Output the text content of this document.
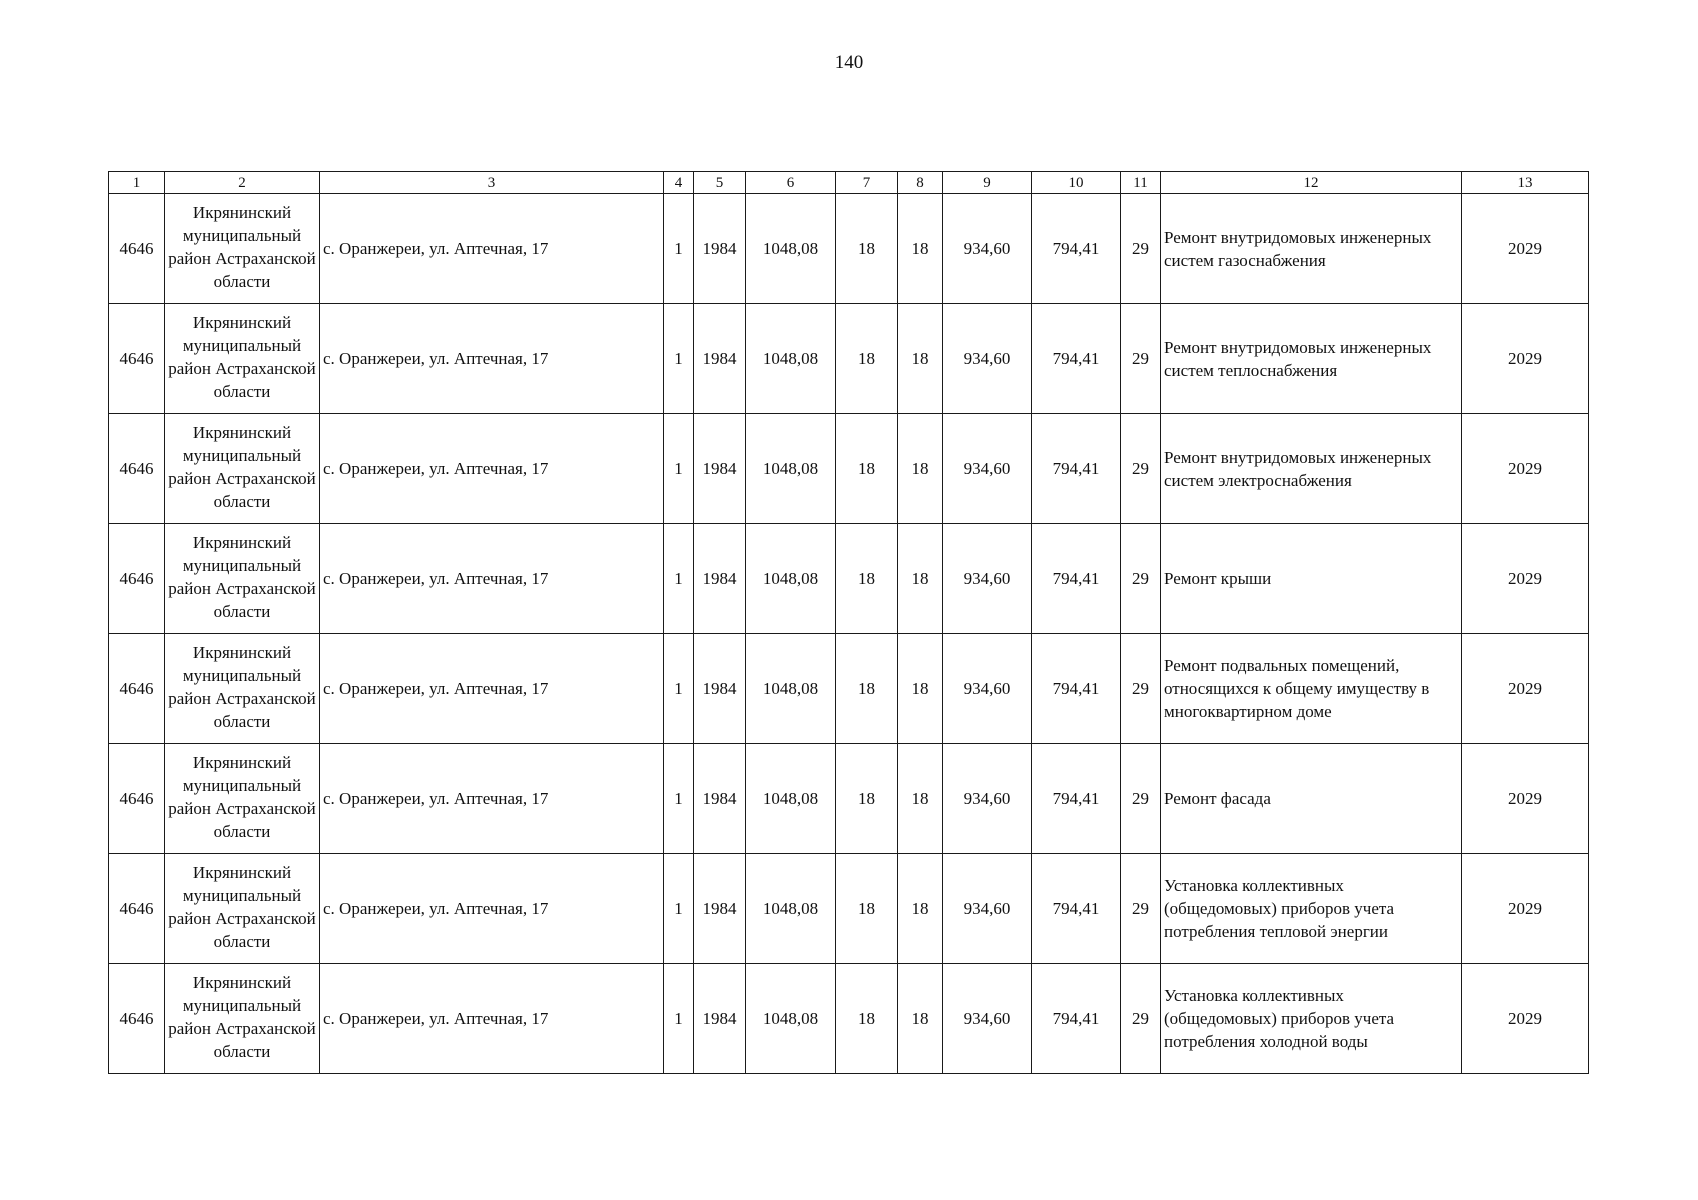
140
1	2	3	4	5	6	7	8	9	10	11	12	13
4646	Икрянинский муниципальный район Астраханской области	с. Оранжереи, ул. Аптечная, 17	1	1984	1048,08	18	18	934,60	794,41	29	Ремонт внутридомовых инженерных систем газоснабжения	2029
4646	Икрянинский муниципальный район Астраханской области	с. Оранжереи, ул. Аптечная, 17	1	1984	1048,08	18	18	934,60	794,41	29	Ремонт внутридомовых инженерных систем теплоснабжения	2029
4646	Икрянинский муниципальный район Астраханской области	с. Оранжереи, ул. Аптечная, 17	1	1984	1048,08	18	18	934,60	794,41	29	Ремонт внутридомовых инженерных систем электроснабжения	2029
4646	Икрянинский муниципальный район Астраханской области	с. Оранжереи, ул. Аптечная, 17	1	1984	1048,08	18	18	934,60	794,41	29	Ремонт крыши	2029
4646	Икрянинский муниципальный район Астраханской области	с. Оранжереи, ул. Аптечная, 17	1	1984	1048,08	18	18	934,60	794,41	29	Ремонт подвальных помещений, относящихся к общему имуществу в многоквартирном доме	2029
4646	Икрянинский муниципальный район Астраханской области	с. Оранжереи, ул. Аптечная, 17	1	1984	1048,08	18	18	934,60	794,41	29	Ремонт фасада	2029
4646	Икрянинский муниципальный район Астраханской области	с. Оранжереи, ул. Аптечная, 17	1	1984	1048,08	18	18	934,60	794,41	29	Установка коллективных (общедомовых) приборов учета потребления тепловой энергии	2029
4646	Икрянинский муниципальный район Астраханской области	с. Оранжереи, ул. Аптечная, 17	1	1984	1048,08	18	18	934,60	794,41	29	Установка коллективных (общедомовых) приборов учета потребления холодной воды	2029
